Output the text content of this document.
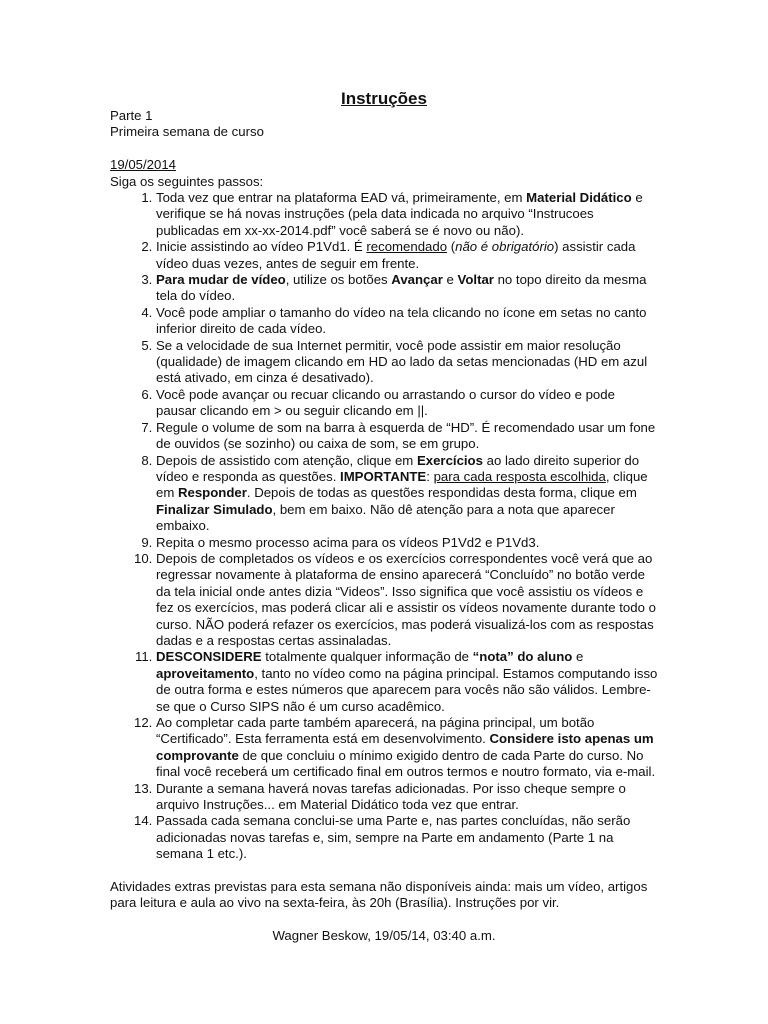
Instruções

Parte 1

Primeira semana de curso

19/05/2014

Siga os seguintes passos:

1. Toda vez que entrar na plataforma EAD vá, primeiramente, em Material Didático e verifique se há novas instruções (pela data indicada no arquivo “Instrucoes publicadas em xx-xx-2014.pdf” você saberá se é novo ou não).
2. Inicie assistindo ao vídeo P1Vd1. É recomendado (não é obrigatório) assistir cada vídeo duas vezes, antes de seguir em frente.
3. Para mudar de vídeo, utilize os botões Avançar e Voltar no topo direito da mesma tela do vídeo.
4. Você pode ampliar o tamanho do vídeo na tela clicando no ícone em setas no canto inferior direito de cada vídeo.
5. Se a velocidade de sua Internet permitir, você pode assistir em maior resolução (qualidade) de imagem clicando em HD ao lado da setas mencionadas (HD em azul está ativado, em cinza é desativado).
6. Você pode avançar ou recuar clicando ou arrastando o cursor do vídeo e pode pausar clicando em > ou seguir clicando em ||.
7. Regule o volume de som na barra à esquerda de “HD”. É recomendado usar um fone de ouvidos (se sozinho) ou caixa de som, se em grupo.
8. Depois de assistido com atenção, clique em Exercícios ao lado direito superior do vídeo e responda as questões. IMPORTANTE: para cada resposta escolhida, clique em Responder. Depois de todas as questões respondidas desta forma, clique em Finalizar Simulado, bem em baixo. Não dê atenção para a nota que aparecer embaixo.
9. Repita o mesmo processo acima para os vídeos P1Vd2 e P1Vd3.
10. Depois de completados os vídeos e os exercícios correspondentes você verá que ao regressar novamente à plataforma de ensino aparecerá “Concluído” no botão verde da tela inicial onde antes dizia “Videos”. Isso significa que você assistiu os vídeos e fez os exercícios, mas poderá clicar ali e assistir os vídeos novamente durante todo o curso. NÃO poderá refazer os exercícios, mas poderá visualizá-los com as respostas dadas e a respostas certas assinaladas.
11. DESCONSIDERE totalmente qualquer informação de “nota” do aluno e aproveitamento, tanto no vídeo como na página principal. Estamos computando isso de outra forma e estes números que aparecem para vocês não são válidos. Lembre-se que o Curso SIPS não é um curso acadêmico.
12. Ao completar cada parte também aparecerá, na página principal, um botão “Certificado”. Esta ferramenta está em desenvolvimento. Considere isto apenas um comprovante de que concluiu o mínimo exigido dentro de cada Parte do curso. No final você receberá um certificado final em outros termos e noutro formato, via e-mail.
13. Durante a semana haverá novas tarefas adicionadas. Por isso cheque sempre o arquivo Instruções... em Material Didático toda vez que entrar.
14. Passada cada semana conclui-se uma Parte e, nas partes concluídas, não serão adicionadas novas tarefas e, sim, sempre na Parte em andamento (Parte 1 na semana 1 etc.).

Atividades extras previstas para esta semana não disponíveis ainda: mais um vídeo, artigos para leitura e aula ao vivo na sexta-feira, às 20h (Brasília). Instruções por vir.

Wagner Beskow, 19/05/14, 03:40 a.m.
